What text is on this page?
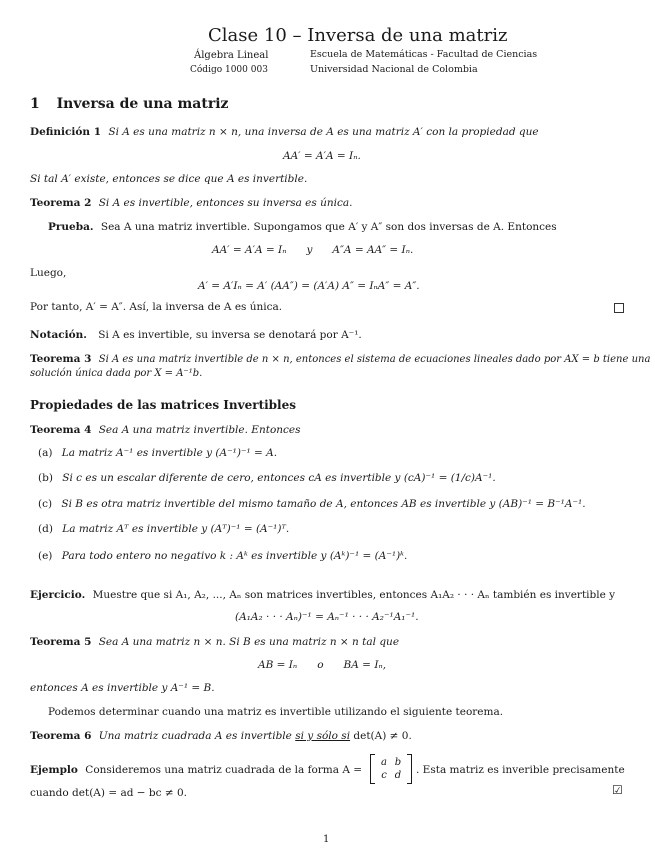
Clase 10 – Inversa de una matriz
Álgebra Lineal
Código 1000 003
Escuela de Matemáticas - Facultad de Ciencias
Universidad Nacional de Colombia
1 Inversa de una matriz
Definición 1 Si A es una matriz n × n, una inversa de A es una matriz A′ con la propiedad que
AA′ = A′A = Iₙ.
Si tal A′ existe, entonces se dice que A es invertible.
Teorema 2 Si A es invertible, entonces su inversa es única.
Prueba. Sea A una matriz invertible. Supongamos que A′ y A″ son dos inversas de A. Entonces
AA′ = A′A = Iₙ      y      A″A = AA″ = Iₙ.
Luego,
A′ = A′Iₙ = A′ (AA″) = (A′A) A″ = IₙA″ = A″.
Por tanto, A′ = A″. Así, la inversa de A es única.
Notación. Si A es invertible, su inversa se denotará por A⁻¹.
Teorema 3 Si A es una matriz invertible de n × n, entonces el sistema de ecuaciones lineales dado por AX = b tiene una
solución única dada por X = A⁻¹b.
Propiedades de las matrices Invertibles
Teorema 4 Sea A una matriz invertible. Entonces
(a) La matriz A⁻¹ es invertible y (A⁻¹)⁻¹ = A.
(b) Si c es un escalar diferente de cero, entonces cA es invertible y (cA)⁻¹ = (1/c)A⁻¹.
(c) Si B es otra matriz invertible del mismo tamaño de A, entonces AB es invertible y (AB)⁻¹ = B⁻¹A⁻¹.
(d) La matriz Aᵀ es invertible y (Aᵀ)⁻¹ = (A⁻¹)ᵀ.
(e) Para todo entero no negativo k : Aᵏ es invertible y (Aᵏ)⁻¹ = (A⁻¹)ᵏ.
Ejercicio. Muestre que si A₁, A₂, ..., Aₙ son matrices invertibles, entonces A₁A₂ · · · Aₙ también es invertible y
(A₁A₂ · · · Aₙ)⁻¹ = Aₙ⁻¹ · · · A₂⁻¹A₁⁻¹.
Teorema 5 Sea A una matriz n × n. Si B es una matriz n × n tal que
AB = Iₙ      o      BA = Iₙ,
entonces A es invertible y A⁻¹ = B.
Podemos determinar cuando una matriz es invertible utilizando el siguiente teorema.
Teorema 6 Una matriz cuadrada A es invertible si y sólo si det(A) ≠ 0.
Ejemplo Consideremos una matriz cuadrada de la forma A =
a b
c d	. Esta matriz es inverible precisamente
cuando det(A) = ad − bc ≠ 0.	☑
1
